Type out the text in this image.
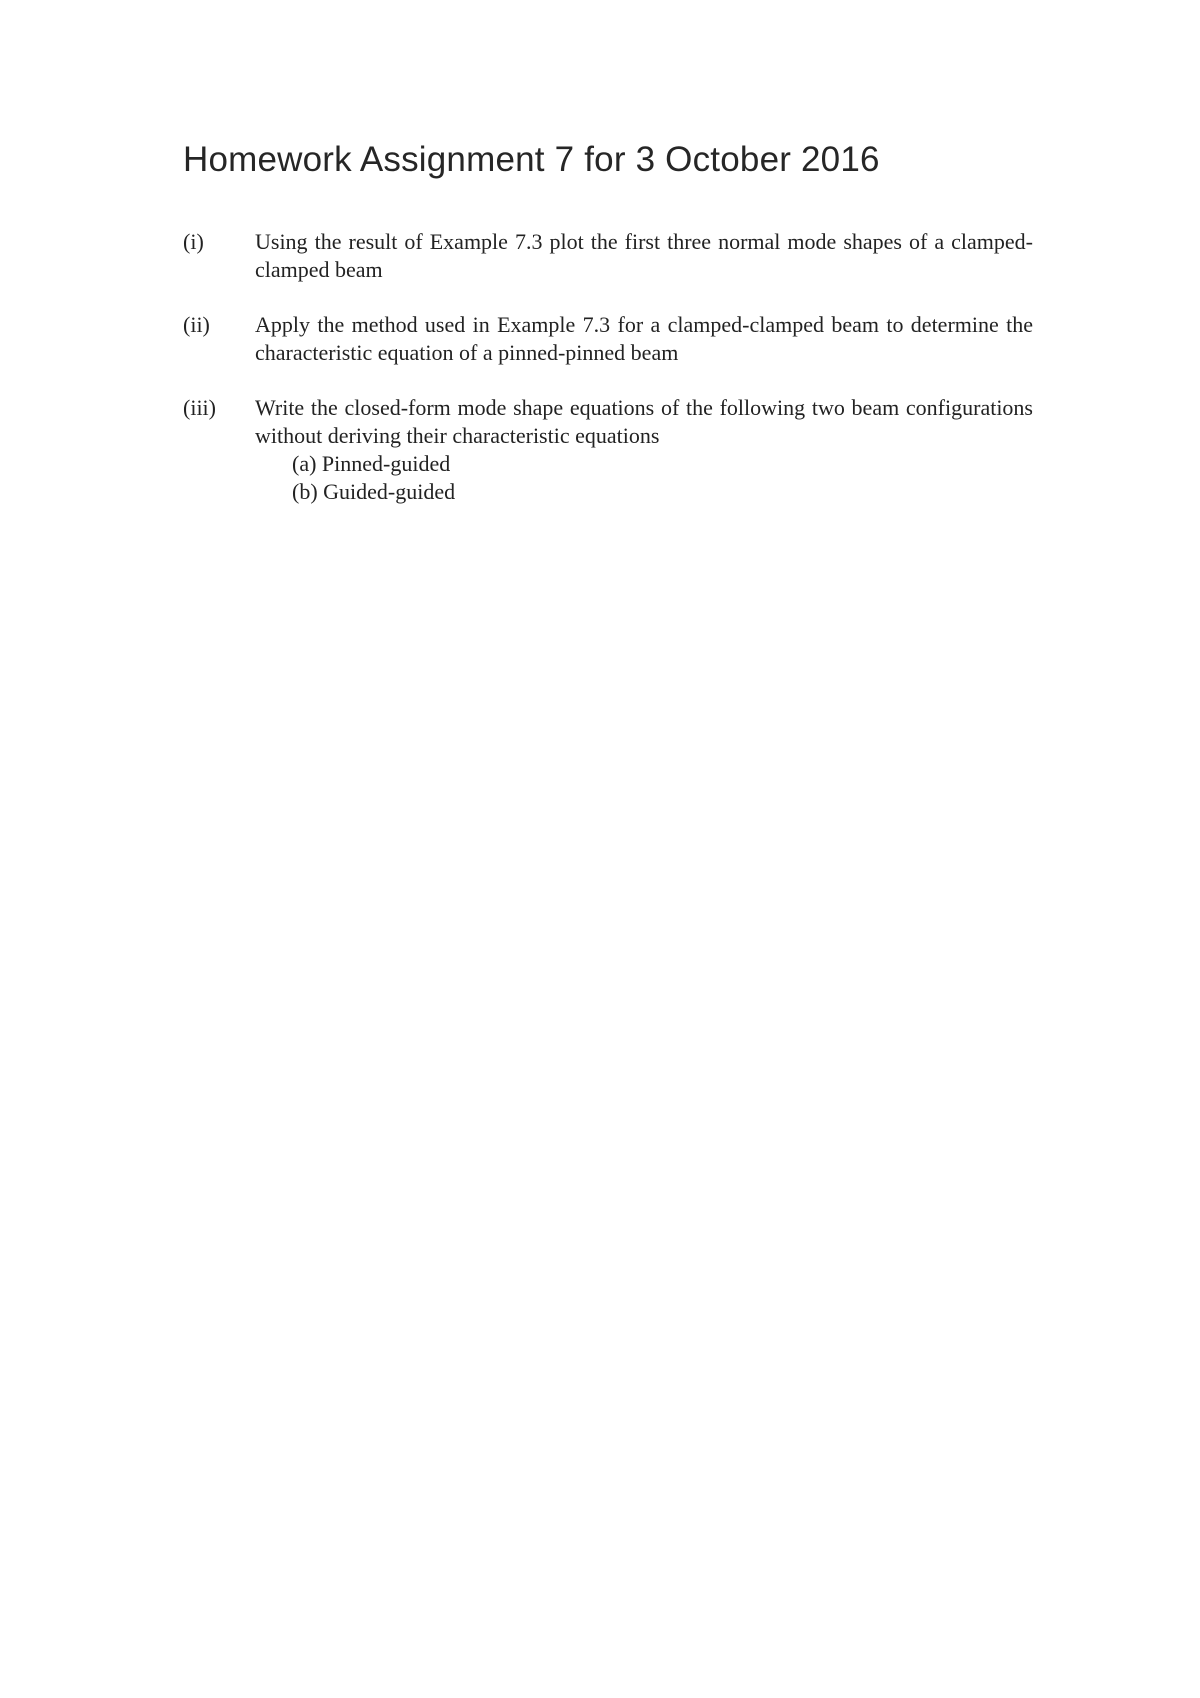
Homework Assignment 7 for 3 October 2016
(i)	Using the result of Example 7.3 plot the first three normal mode shapes of a clamped-clamped beam
(ii)	Apply the method used in Example 7.3 for a clamped-clamped beam to determine the characteristic equation of a pinned-pinned beam
(iii)	Write the closed-form mode shape equations of the following two beam configurations without deriving their characteristic equations
(a) Pinned-guided
(b) Guided-guided
